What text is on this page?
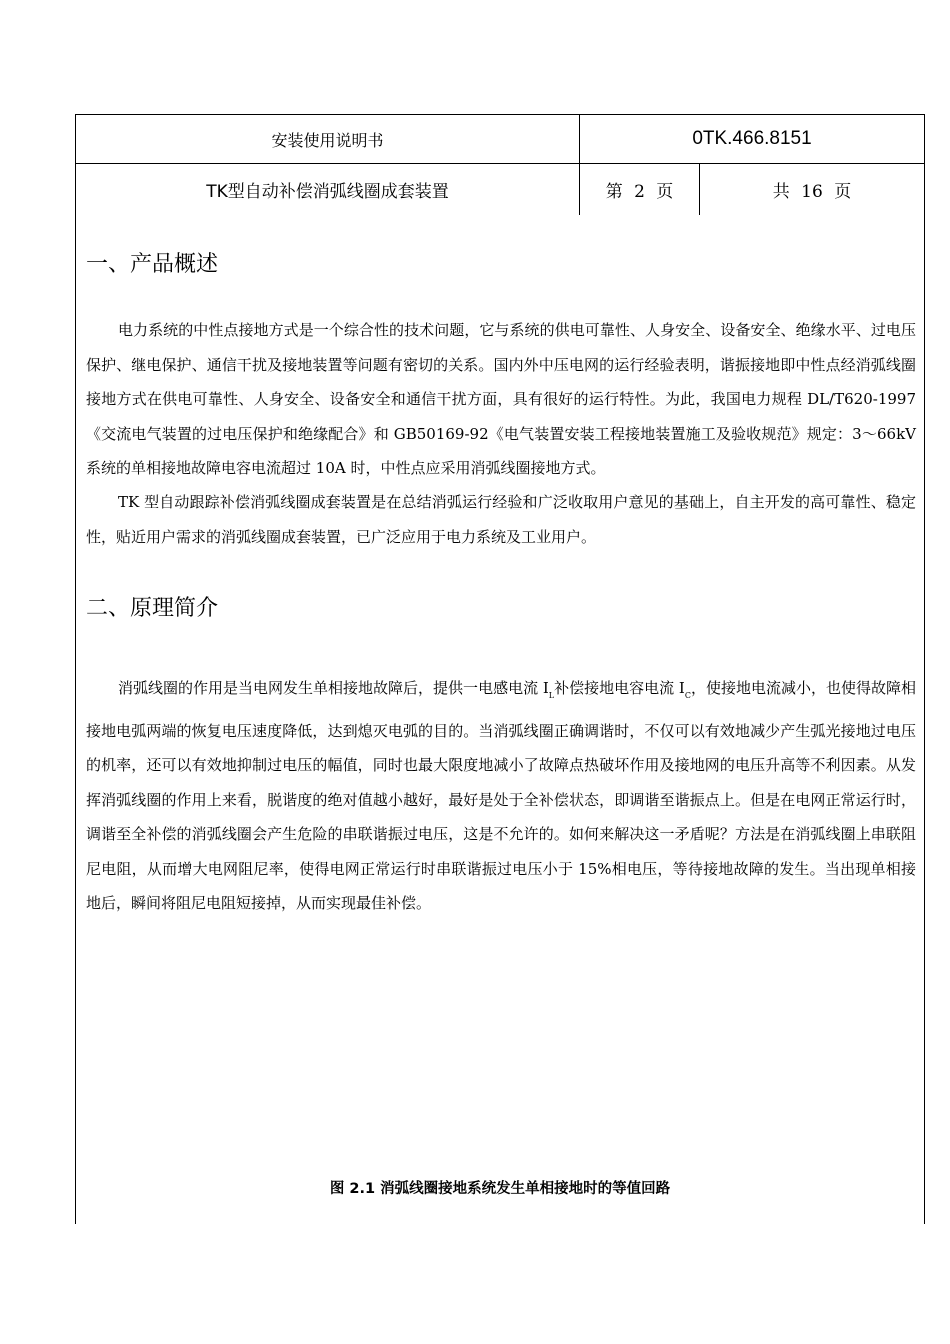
安装使用说明书	0TK.466.8151
TK型自动补偿消弧线圈成套装置	第 2 页	共 16 页
一、产品概述

电力系统的中性点接地方式是一个综合性的技术问题，它与系统的供电可靠性、人身安全、设备安全、绝缘水平、过电压保护、继电保护、通信干扰及接地装置等问题有密切的关系。国内外中压电网的运行经验表明，谐振接地即中性点经消弧线圈接地方式在供电可靠性、人身安全、设备安全和通信干扰方面，具有很好的运行特性。为此，我国电力规程 DL/T620-1997《交流电气装置的过电压保护和绝缘配合》和 GB50169-92《电气装置安装工程接地装置施工及验收规范》规定：3～66kV 系统的单相接地故障电容电流超过 10A 时，中性点应采用消弧线圈接地方式。

TK 型自动跟踪补偿消弧线圈成套装置是在总结消弧运行经验和广泛收取用户意见的基础上，自主开发的高可靠性、稳定性，贴近用户需求的消弧线圈成套装置，已广泛应用于电力系统及工业用户。

二、原理简介

消弧线圈的作用是当电网发生单相接地故障后，提供一电感电流 $I_L$补偿接地电容电流 $I_C$，使接地电流减小，也使得故障相接地电弧两端的恢复电压速度降低，达到熄灭电弧的目的。当消弧线圈正确调谐时，不仅可以有效地减少产生弧光接地过电压的机率，还可以有效地抑制过电压的幅值，同时也最大限度地减小了故障点热破坏作用及接地网的电压升高等不利因素。从发挥消弧线圈的作用上来看，脱谐度的绝对值越小越好，最好是处于全补偿状态，即调谐至谐振点上。但是在电网正常运行时，调谐至全补偿的消弧线圈会产生危险的串联谐振过电压，这是不允许的。如何来解决这一矛盾呢？方法是在消弧线圈上串联阻尼电阻，从而增大电网阻尼率，使得电网正常运行时串联谐振过电压小于 15%相电压，等待接地故障的发生。当出现单相接地后，瞬间将阻尼电阻短接掉，从而实现最佳补偿。

图 2.1 消弧线圈接地系统发生单相接地时的等值回路
